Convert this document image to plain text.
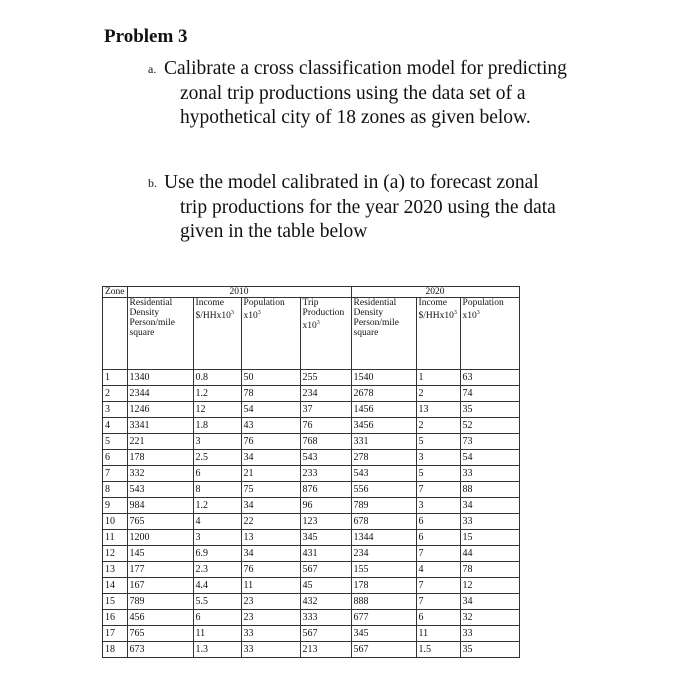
Problem 3
a. Calibrate a cross classification model for predicting zonal trip productions using the data set of a hypothetical city of 18 zones as given below.
b. Use the model calibrated in (a) to forecast zonal trip productions for the year 2020 using the data given in the table below
Zone	2010				2020		
	Residential Density Person/mile square	Income $\$/HHx10^3$	Population $x10^3$	Trip Production $x10^3$	Residential Density Person/mile square	Income $\$/HHx10^3$	Population $x10^3$
1	1340	0.8	50	255	1540	1	63
2	2344	1.2	78	234	2678	2	74
3	1246	12	54	37	1456	13	35
4	3341	1.8	43	76	3456	2	52
5	221	3	76	768	331	5	73
6	178	2.5	34	543	278	3	54
7	332	6	21	233	543	5	33
8	543	8	75	876	556	7	88
9	984	1.2	34	96	789	3	34
10	765	4	22	123	678	6	33
11	1200	3	13	345	1344	6	15
12	145	6.9	34	431	234	7	44
13	177	2.3	76	567	155	4	78
14	167	4.4	11	45	178	7	12
15	789	5.5	23	432	888	7	34
16	456	6	23	333	677	6	32
17	765	11	33	567	345	11	33
18	673	1.3	33	213	567	1.5	35
